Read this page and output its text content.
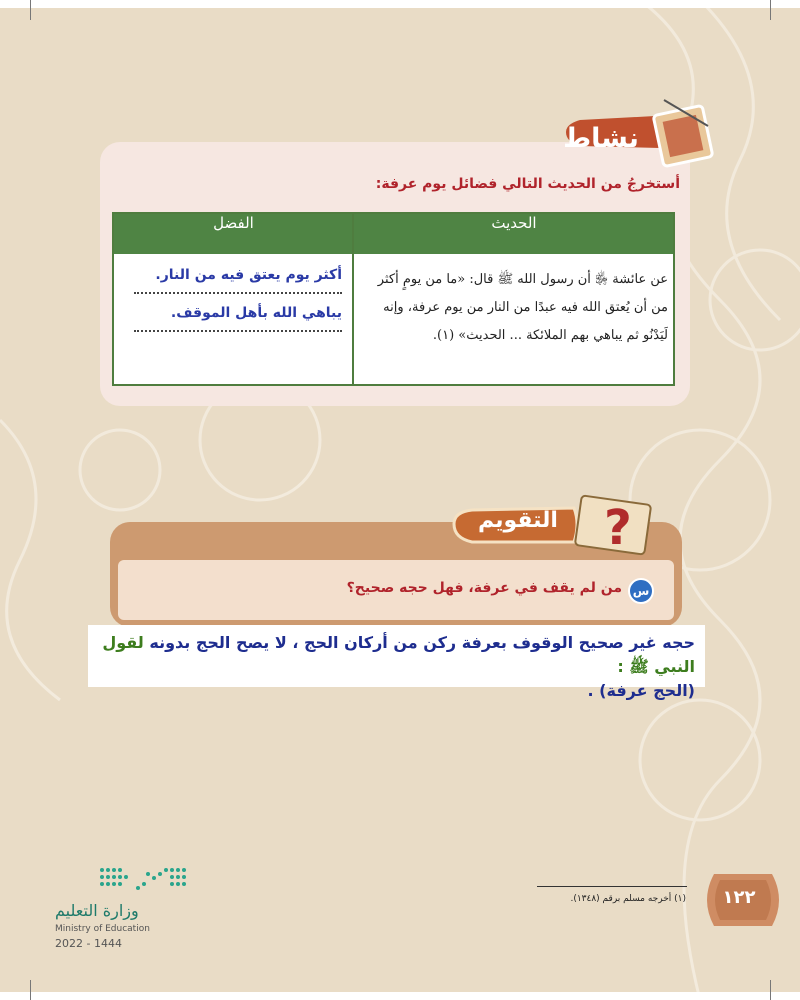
نشاط
أستخرجُ من الحديث التالي فضائل يوم عرفة:
الحديث
الفضل
عن عائشة ﵂ أن رسول الله ﷺ قال: «ما من يومٍ أكثر
من أن يُعتق الله فيه عبدًا من النار من يوم عرفة، وإنه
لَيَدْنُو ثم يباهي بهم الملائكة ... الحديث» (١).
أكثر يوم يعتق فيه من النار.
يباهي الله بأهل الموقف.
?
التقويم
س
من لم يقف في عرفة، فهل حجه صحيح؟
حجه غير صحيح الوقوف بعرفة ركن من أركان الحج ، لا يصح الحج بدونه لقول النبي ﷺ :
(الحج عرفة) .
(١) أخرجه مسلم برقم (١٣٤٨).	١٢٢
وزارة التعليم
Ministry of Education
2022 - 1444
